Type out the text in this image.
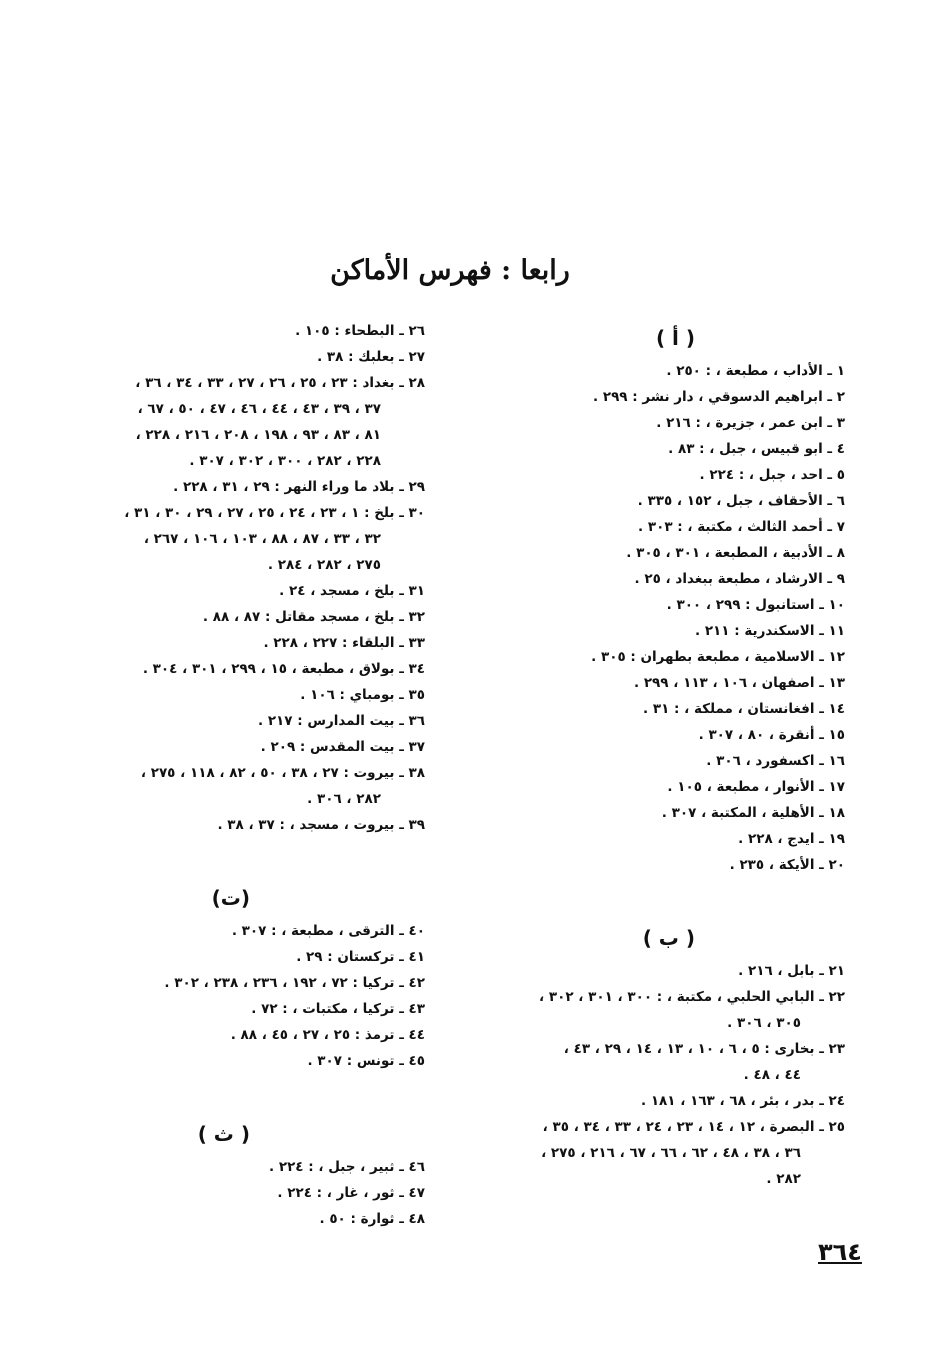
رابعا : فهرس الأماكن
( أ )
١ ـ الأداب ، مطبعة ، : ٢٥٠ .
٢ ـ ابراهيم الدسوقي ، دار نشر : ٢٩٩ .
٣ ـ ابن عمر ، جزيرة ، : ٢١٦ .
٤ ـ ابو قبيس ، جبل ، : ٨٣ .
٥ ـ احد ، جبل ، : ٢٢٤ .
٦ ـ الأحقاف ، جبل ، ١٥٢ ، ٣٣٥ .
٧ ـ أحمد الثالث ، مكتبة ، : ٣٠٣ .
٨ ـ الأدبية ، المطبعة ، ٣٠١ ، ٣٠٥ .
٩ ـ الارشاد ، مطبعة ببغداد ، ٢٥ .
١٠ ـ استانبول : ٢٩٩ ، ٣٠٠ .
١١ ـ الاسكندرية : ٢١١ .
١٢ ـ الاسلامية ، مطبعة بطهران : ٣٠٥ .
١٣ ـ اصفهان ، ١٠٦ ، ١١٣ ، ٢٩٩ .
١٤ ـ افغانستان ، مملكة ، : ٣١ .
١٥ ـ أنقرة ، ٨٠ ، ٣٠٧ .
١٦ ـ اكسفورد ، ٣٠٦ .
١٧ ـ الأنوار ، مطبعة ، ١٠٥ .
١٨ ـ الأهلية ، المكتبة ، ٣٠٧ .
١٩ ـ ايدج ، ٢٢٨ .
٢٠ ـ الأيكة ، ٢٣٥ .
( ب )
٢١ ـ بابل ، ٢١٦ .
٢٢ ـ البابي الحلبي ، مكتبة ، : ٣٠٠ ، ٣٠١ ، ٣٠٢ ،
٣٠٥ ، ٣٠٦ .
٢٣ ـ بخارى : ٥ ، ٦ ، ١٠ ، ١٣ ، ١٤ ، ٢٩ ، ٤٣ ،
٤٤ ، ٤٨ .
٢٤ ـ بدر ، بئر ، ٦٨ ، ١٦٣ ، ١٨١ .
٢٥ ـ البصرة ، ١٢ ، ١٤ ، ٢٣ ، ٢٤ ، ٣٣ ، ٣٤ ، ٣٥ ،
٣٦ ، ٣٨ ، ٤٨ ، ٦٢ ، ٦٦ ، ٦٧ ، ٢١٦ ، ٢٧٥ ،
٢٨٢ .
٢٦ ـ البطحاء : ١٠٥ .
٢٧ ـ بعلبك : ٣٨ .
٢٨ ـ بغداد : ٢٣ ، ٢٥ ، ٢٦ ، ٢٧ ، ٣٣ ، ٣٤ ، ٣٦ ،
٣٧ ، ٣٩ ، ٤٣ ، ٤٤ ، ٤٦ ، ٤٧ ، ٥٠ ، ٦٧ ،
٨١ ، ٨٣ ، ٩٣ ، ١٩٨ ، ٢٠٨ ، ٢١٦ ، ٢٢٨ ،
٢٢٨ ، ٢٨٢ ، ٣٠٠ ، ٣٠٢ ، ٣٠٧ .
٢٩ ـ بلاد ما وراء النهر : ٢٩ ، ٣١ ، ٢٢٨ .
٣٠ ـ بلخ : ١ ، ٢٣ ، ٢٤ ، ٢٥ ، ٢٧ ، ٢٩ ، ٣٠ ، ٣١ ،
٣٢ ، ٣٣ ، ٨٧ ، ٨٨ ، ١٠٣ ، ١٠٦ ، ٢٦٧ ،
٢٧٥ ، ٢٨٢ ، ٢٨٤ .
٣١ ـ بلخ ، مسجد ، ٢٤ .
٣٢ ـ بلخ ، مسجد مقاتل : ٨٧ ، ٨٨ .
٣٣ ـ البلقاء : ٢٢٧ ، ٢٢٨ .
٣٤ ـ بولاق ، مطبعة ، ١٥ ، ٢٩٩ ، ٣٠١ ، ٣٠٤ .
٣٥ ـ بومباي : ١٠٦ .
٣٦ ـ بيت المدارس : ٢١٧ .
٣٧ ـ بيت المقدس : ٢٠٩ .
٣٨ ـ بيروت : ٢٧ ، ٣٨ ، ٥٠ ، ٨٢ ، ١١٨ ، ٢٧٥ ،
٢٨٢ ، ٣٠٦ .
٣٩ ـ بيروت ، مسجد ، : ٣٧ ، ٣٨ .
(ت)
٤٠ ـ الترقى ، مطبعة ، : ٣٠٧ .
٤١ ـ تركستان : ٢٩ .
٤٢ ـ تركيا : ٧٢ ، ١٩٢ ، ٢٣٦ ، ٢٣٨ ، ٣٠٢ .
٤٣ ـ تركيا ، مكتبات ، : ٧٢ .
٤٤ ـ ترمذ : ٢٥ ، ٢٧ ، ٤٥ ، ٨٨ .
٤٥ ـ تونس : ٣٠٧ .
( ث )
٤٦ ـ ثبير ، جبل ، : ٢٢٤ .
٤٧ ـ ثور ، غار ، : ٢٢٤ .
٤٨ ـ ثوارة : ٥٠ .
٣٦٤
